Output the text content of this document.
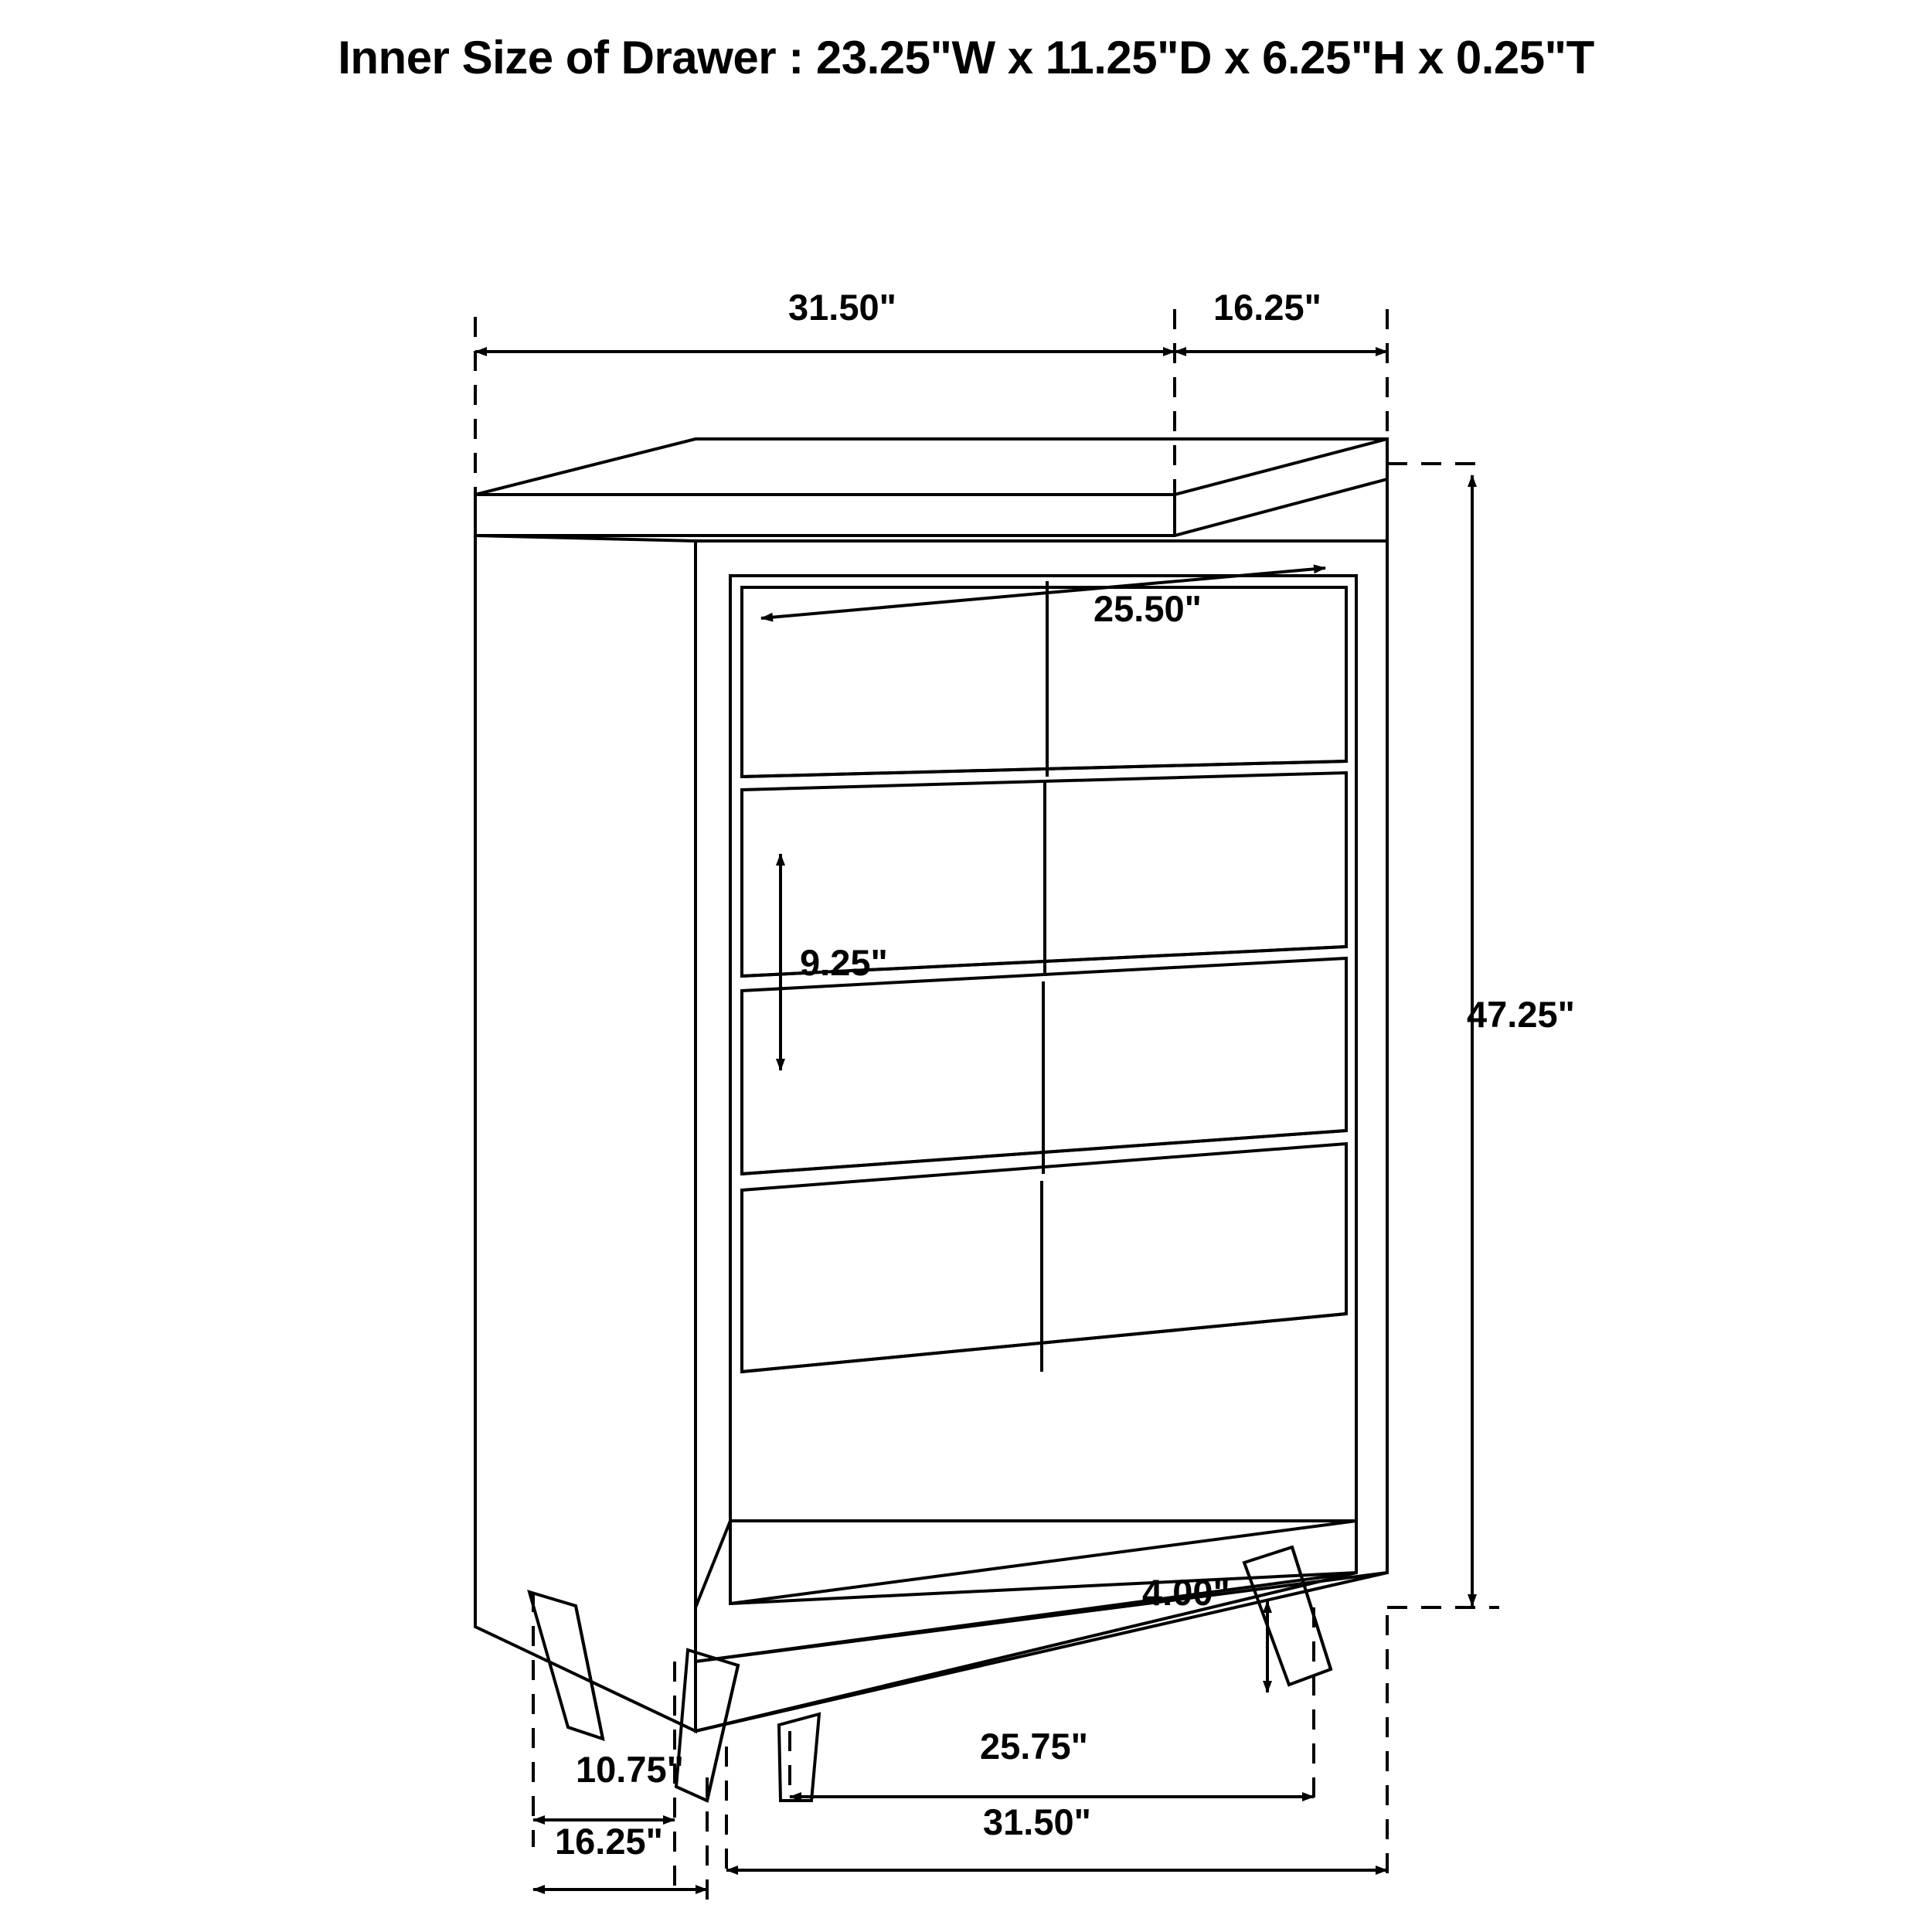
Inner Size of Drawer : 23.25"W x 11.25"D x 6.25"H x 0.25"T
31.50"	16.25"
25.50"
9.25"
47.25"
4.00"
10.75"
16.25"
25.75"
31.50"
